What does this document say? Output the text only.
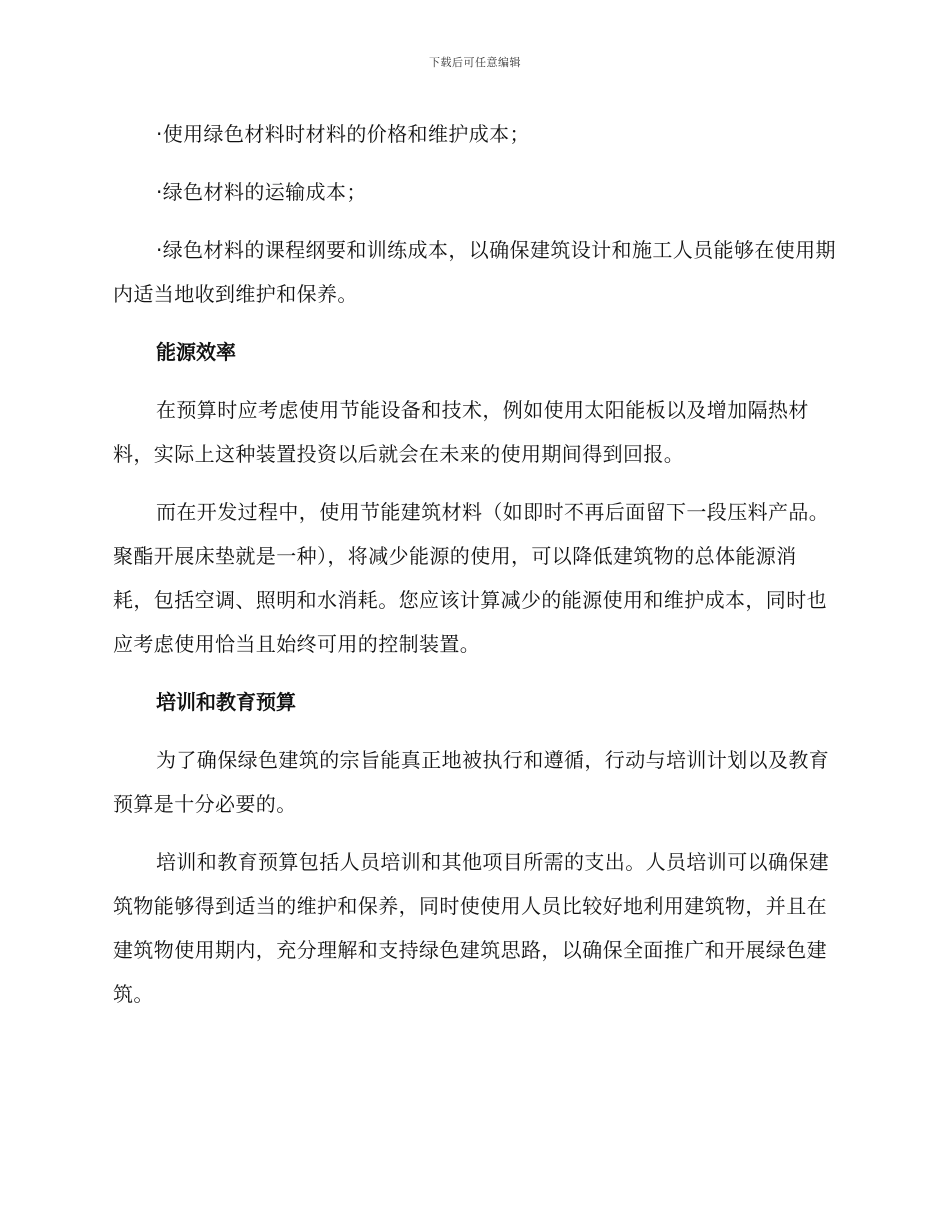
下载后可任意编辑

·使用绿色材料时材料的价格和维护成本；

·绿色材料的运输成本；

·绿色材料的课程纲要和训练成本，以确保建筑设计和施工人员能够在使用期内适当地收到维护和保养。

能源效率

在预算时应考虑使用节能设备和技术，例如使用太阳能板以及增加隔热材料，实际上这种装置投资以后就会在未来的使用期间得到回报。

而在开发过程中，使用节能建筑材料（如即时不再后面留下一段压料产品。聚酯开展床垫就是一种），将减少能源的使用，可以降低建筑物的总体能源消耗，包括空调、照明和水消耗。您应该计算减少的能源使用和维护成本，同时也应考虑使用恰当且始终可用的控制装置。

培训和教育预算

为了确保绿色建筑的宗旨能真正地被执行和遵循，行动与培训计划以及教育预算是十分必要的。

培训和教育预算包括人员培训和其他项目所需的支出。人员培训可以确保建筑物能够得到适当的维护和保养，同时使使用人员比较好地利用建筑物，并且在建筑物使用期内，充分理解和支持绿色建筑思路，以确保全面推广和开展绿色建筑。
